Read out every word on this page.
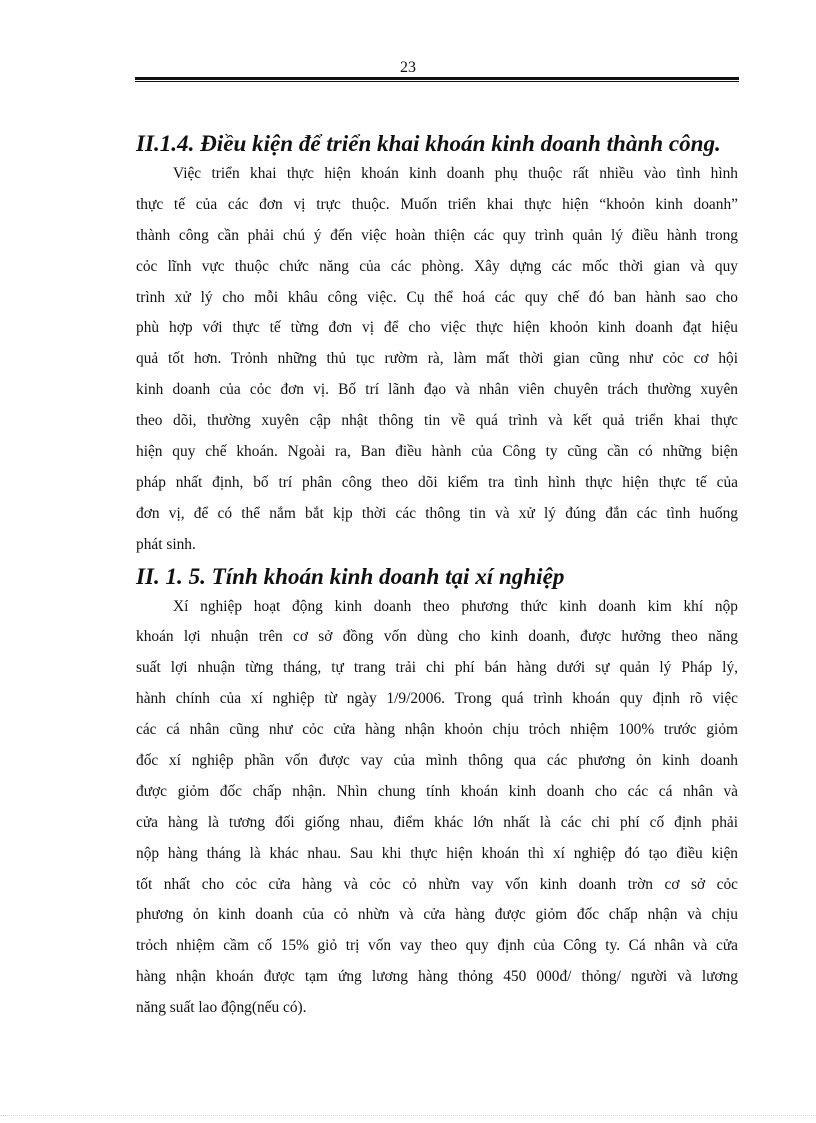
23
II.1.4. Điều kiện để triển khai khoán kinh doanh thành công.

Việc triển khai thực hiện khoán kinh doanh phụ thuộc rất nhiều vào tình hình
thực tế của các đơn vị trực thuộc. Muốn triển khai thực hiện “khoỏn kinh doanh”
thành công cần phải chú ý đến việc hoàn thiện các quy trình quản lý điều hành trong
cỏc lĩnh vực thuộc chức năng của các phòng. Xây dựng các mốc thời gian và quy
trình xử lý cho mỗi khâu công việc. Cụ thể hoá các quy chế đó ban hành sao cho
phù hợp với thực tế từng đơn vị để cho việc thực hiện khoỏn kinh doanh đạt hiệu
quả tốt hơn. Trỏnh những thủ tục rườm rà, làm mất thời gian cũng như cỏc cơ hội
kinh doanh của cỏc đơn vị. Bố trí lãnh đạo và nhân viên chuyên trách thường xuyên
theo dõi, thường xuyên cập nhật thông tin về quá trình và kết quả triển khai thực
hiện quy chế khoán. Ngoài ra, Ban điều hành của Công ty cũng cần có những biện
pháp nhất định, bố trí phân công theo dõi kiểm tra tình hình thực hiện thực tế của
đơn vị, để có thể nắm bắt kịp thời các thông tin và xử lý đúng đắn các tình huống
phát sinh.

II. 1. 5. Tính khoán kinh doanh tại xí nghiệp

Xí nghiệp hoạt động kinh doanh theo phương thức kinh doanh kim khí nộp
khoán lợi nhuận trên cơ sở đồng vốn dùng cho kinh doanh, được hưởng theo năng
suất lợi nhuận từng tháng, tự trang trải chi phí bán hàng dưới sự quản lý Pháp lý,
hành chính của xí nghiệp từ ngày 1/9/2006. Trong quá trình khoán quy định rõ việc
các cá nhân cũng như cỏc cửa hàng nhận khoỏn chịu trỏch nhiệm 100% trước giỏm
đốc xí nghiệp phần vốn được vay của mình thông qua các phương ỏn kinh doanh
được giỏm đốc chấp nhận. Nhìn chung tính khoán kinh doanh cho các cá nhân và
cửa hàng là tương đối giống nhau, điểm khác lớn nhất là các chi phí cố định phải
nộp hàng tháng là khác nhau. Sau khi thực hiện khoán thì xí nghiệp đó tạo điều kiện
tốt nhất cho cỏc cửa hàng và cỏc cỏ nhừn vay vốn kinh doanh trờn cơ sở cỏc
phương ỏn kinh doanh của cỏ nhừn và cửa hàng được giỏm đốc chấp nhận và chịu
trỏch nhiệm cầm cố 15% giỏ trị vốn vay theo quy định của Công ty. Cá nhân và cửa
hàng nhận khoán được tạm ứng lương hàng thỏng 450 000đ/ thỏng/ người và lương
năng suất lao động(nếu có).
